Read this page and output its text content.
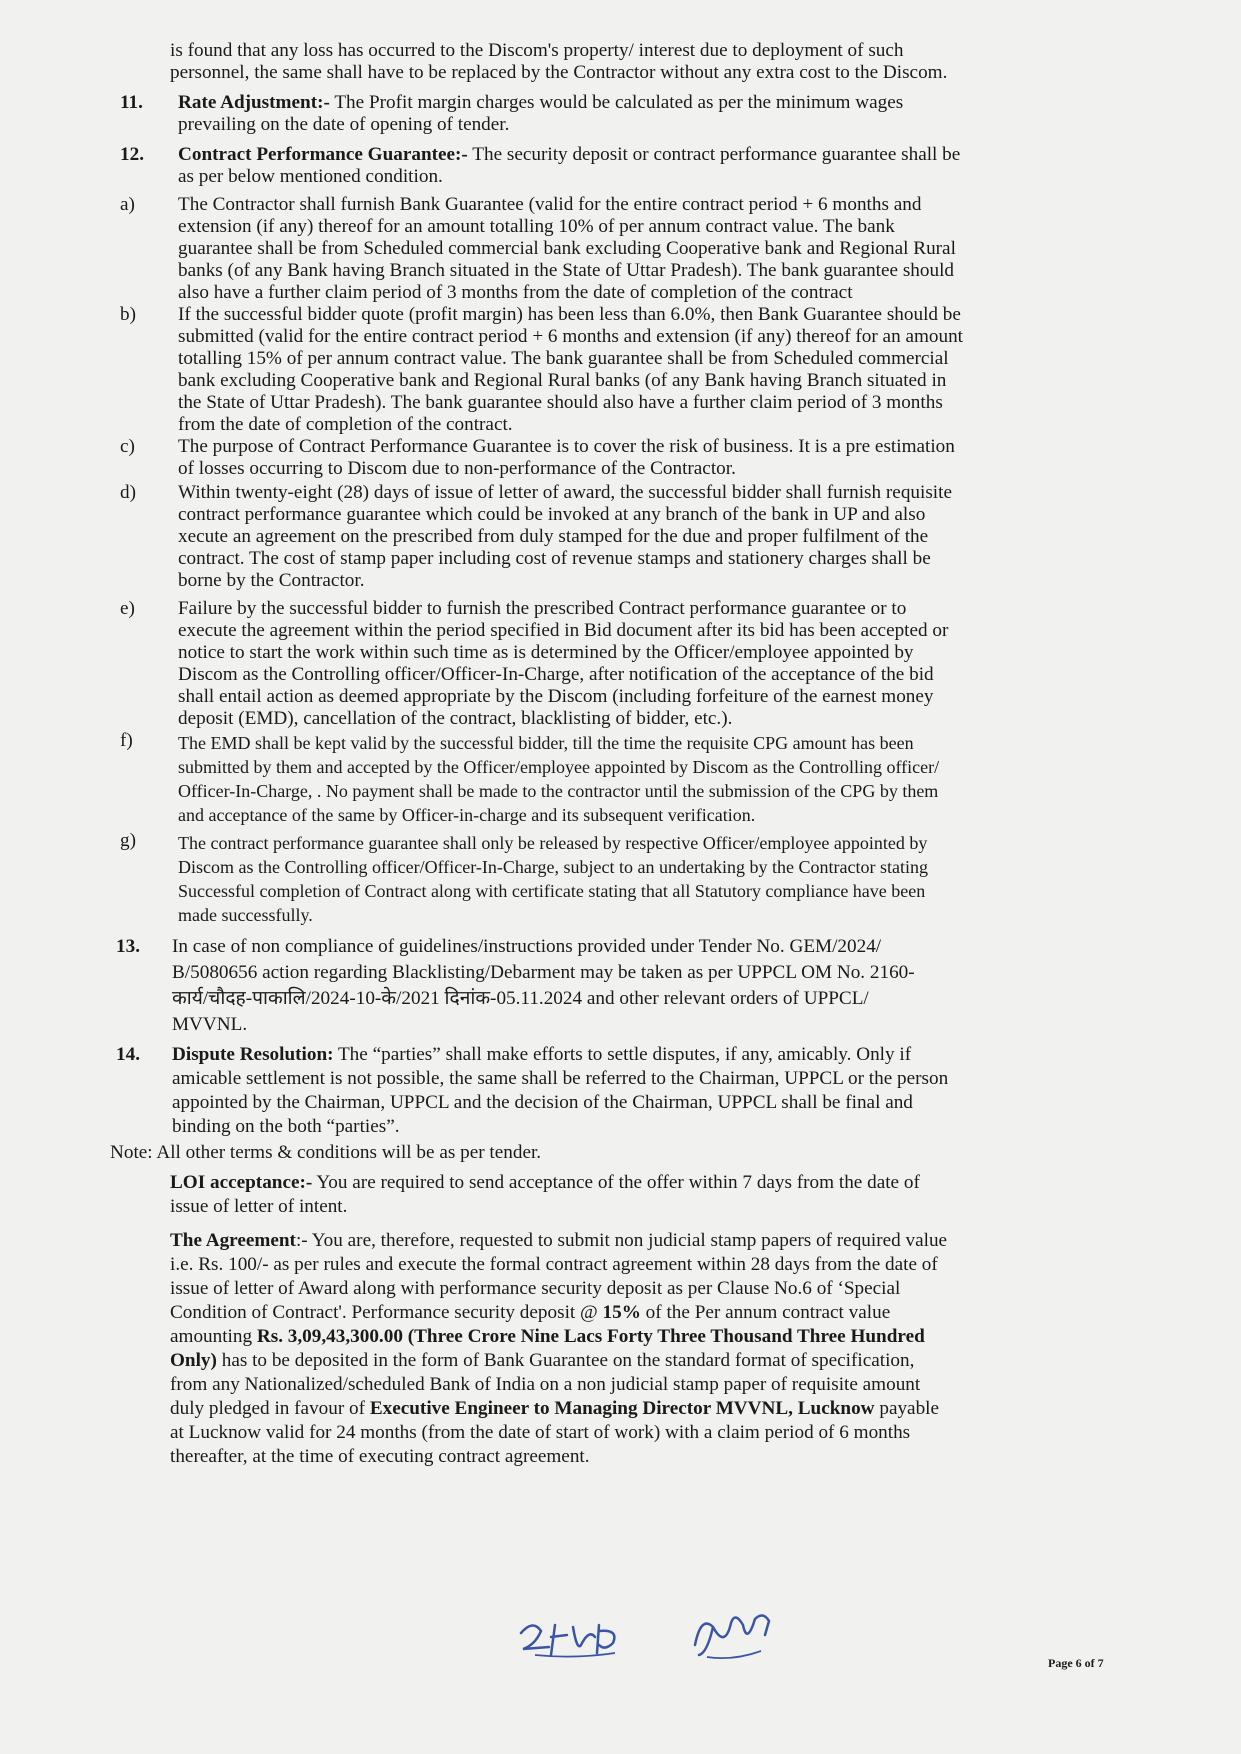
is found that any loss has occurred to the Discom's property/ interest due to deployment of such
personnel, the same shall have to be replaced by the Contractor without any extra cost to the Discom.
11. Rate Adjustment:- The Profit margin charges would be calculated as per the minimum wages
prevailing on the date of opening of tender.
12. Contract Performance Guarantee:- The security deposit or contract performance guarantee shall be
as per below mentioned condition.
a) The Contractor shall furnish Bank Guarantee (valid for the entire contract period + 6 months and
extension (if any) thereof for an amount totalling 10% of per annum contract value. The bank
guarantee shall be from Scheduled commercial bank excluding Cooperative bank and Regional Rural
banks (of any Bank having Branch situated in the State of Uttar Pradesh). The bank guarantee should
also have a further claim period of 3 months from the date of completion of the contract
b) If the successful bidder quote (profit margin) has been less than 6.0%, then Bank Guarantee should be
submitted (valid for the entire contract period + 6 months and extension (if any) thereof for an amount
totalling 15% of per annum contract value. The bank guarantee shall be from Scheduled commercial
bank excluding Cooperative bank and Regional Rural banks (of any Bank having Branch situated in
the State of Uttar Pradesh). The bank guarantee should also have a further claim period of 3 months
from the date of completion of the contract.
c) The purpose of Contract Performance Guarantee is to cover the risk of business. It is a pre estimation
of losses occurring to Discom due to non-performance of the Contractor.
d) Within twenty-eight (28) days of issue of letter of award, the successful bidder shall furnish requisite
contract performance guarantee which could be invoked at any branch of the bank in UP and also
xecute an agreement on the prescribed from duly stamped for the due and proper fulfilment of the
contract. The cost of stamp paper including cost of revenue stamps and stationery charges shall be
borne by the Contractor.
e) Failure by the successful bidder to furnish the prescribed Contract performance guarantee or to
execute the agreement within the period specified in Bid document after its bid has been accepted or
notice to start the work within such time as is determined by the Officer/employee appointed by
Discom as the Controlling officer/Officer-In-Charge, after notification of the acceptance of the bid
shall entail action as deemed appropriate by the Discom (including forfeiture of the earnest money
deposit (EMD), cancellation of the contract, blacklisting of bidder, etc.).
f)	The EMD shall be kept valid by the successful bidder, till the time the requisite CPG amount has been
submitted by them and accepted by the Officer/employee appointed by Discom as the Controlling officer/
Officer-In-Charge, . No payment shall be made to the contractor until the submission of the CPG by them
and acceptance of the same by Officer-in-charge and its subsequent verification.
g) The contract performance guarantee shall only be released by respective Officer/employee appointed by
Discom as the Controlling officer/Officer-In-Charge, subject to an undertaking by the Contractor stating
Successful completion of Contract along with certificate stating that all Statutory compliance have been
made successfully.
13. In case of non compliance of guidelines/instructions provided under Tender No. GEM/2024/
B/5080656 action regarding Blacklisting/Debarment may be taken as per UPPCL OM No. 2160-
कार्य/चौदह-पाकालि/2024-10-के/2021 दिनांक-05.11.2024 and other relevant orders of UPPCL/
MVVNL.
14. Dispute Resolution: The “parties” shall make efforts to settle disputes, if any, amicably. Only if
amicable settlement is not possible, the same shall be referred to the Chairman, UPPCL or the person
appointed by the Chairman, UPPCL and the decision of the Chairman, UPPCL shall be final and
binding on the both “parties”.
Note: All other terms & conditions will be as per tender.
LOI acceptance:- You are required to send acceptance of the offer within 7 days from the date of
issue of letter of intent.
The Agreement:- You are, therefore, requested to submit non judicial stamp papers of required value
i.e. Rs. 100/- as per rules and execute the formal contract agreement within 28 days from the date of
issue of letter of Award along with performance security deposit as per Clause No.6 of ‘Special
Condition of Contract'. Performance security deposit @ 15% of the Per annum contract value
amounting Rs. 3,09,43,300.00 (Three Crore Nine Lacs Forty Three Thousand Three Hundred
Only) has to be deposited in the form of Bank Guarantee on the standard format of specification,
from any Nationalized/scheduled Bank of India on a non judicial stamp paper of requisite amount
duly pledged in favour of Executive Engineer to Managing Director MVVNL, Lucknow payable
at Lucknow valid for 24 months (from the date of start of work) with a claim period of 6 months
thereafter, at the time of executing contract agreement.
Page 6 of 7
